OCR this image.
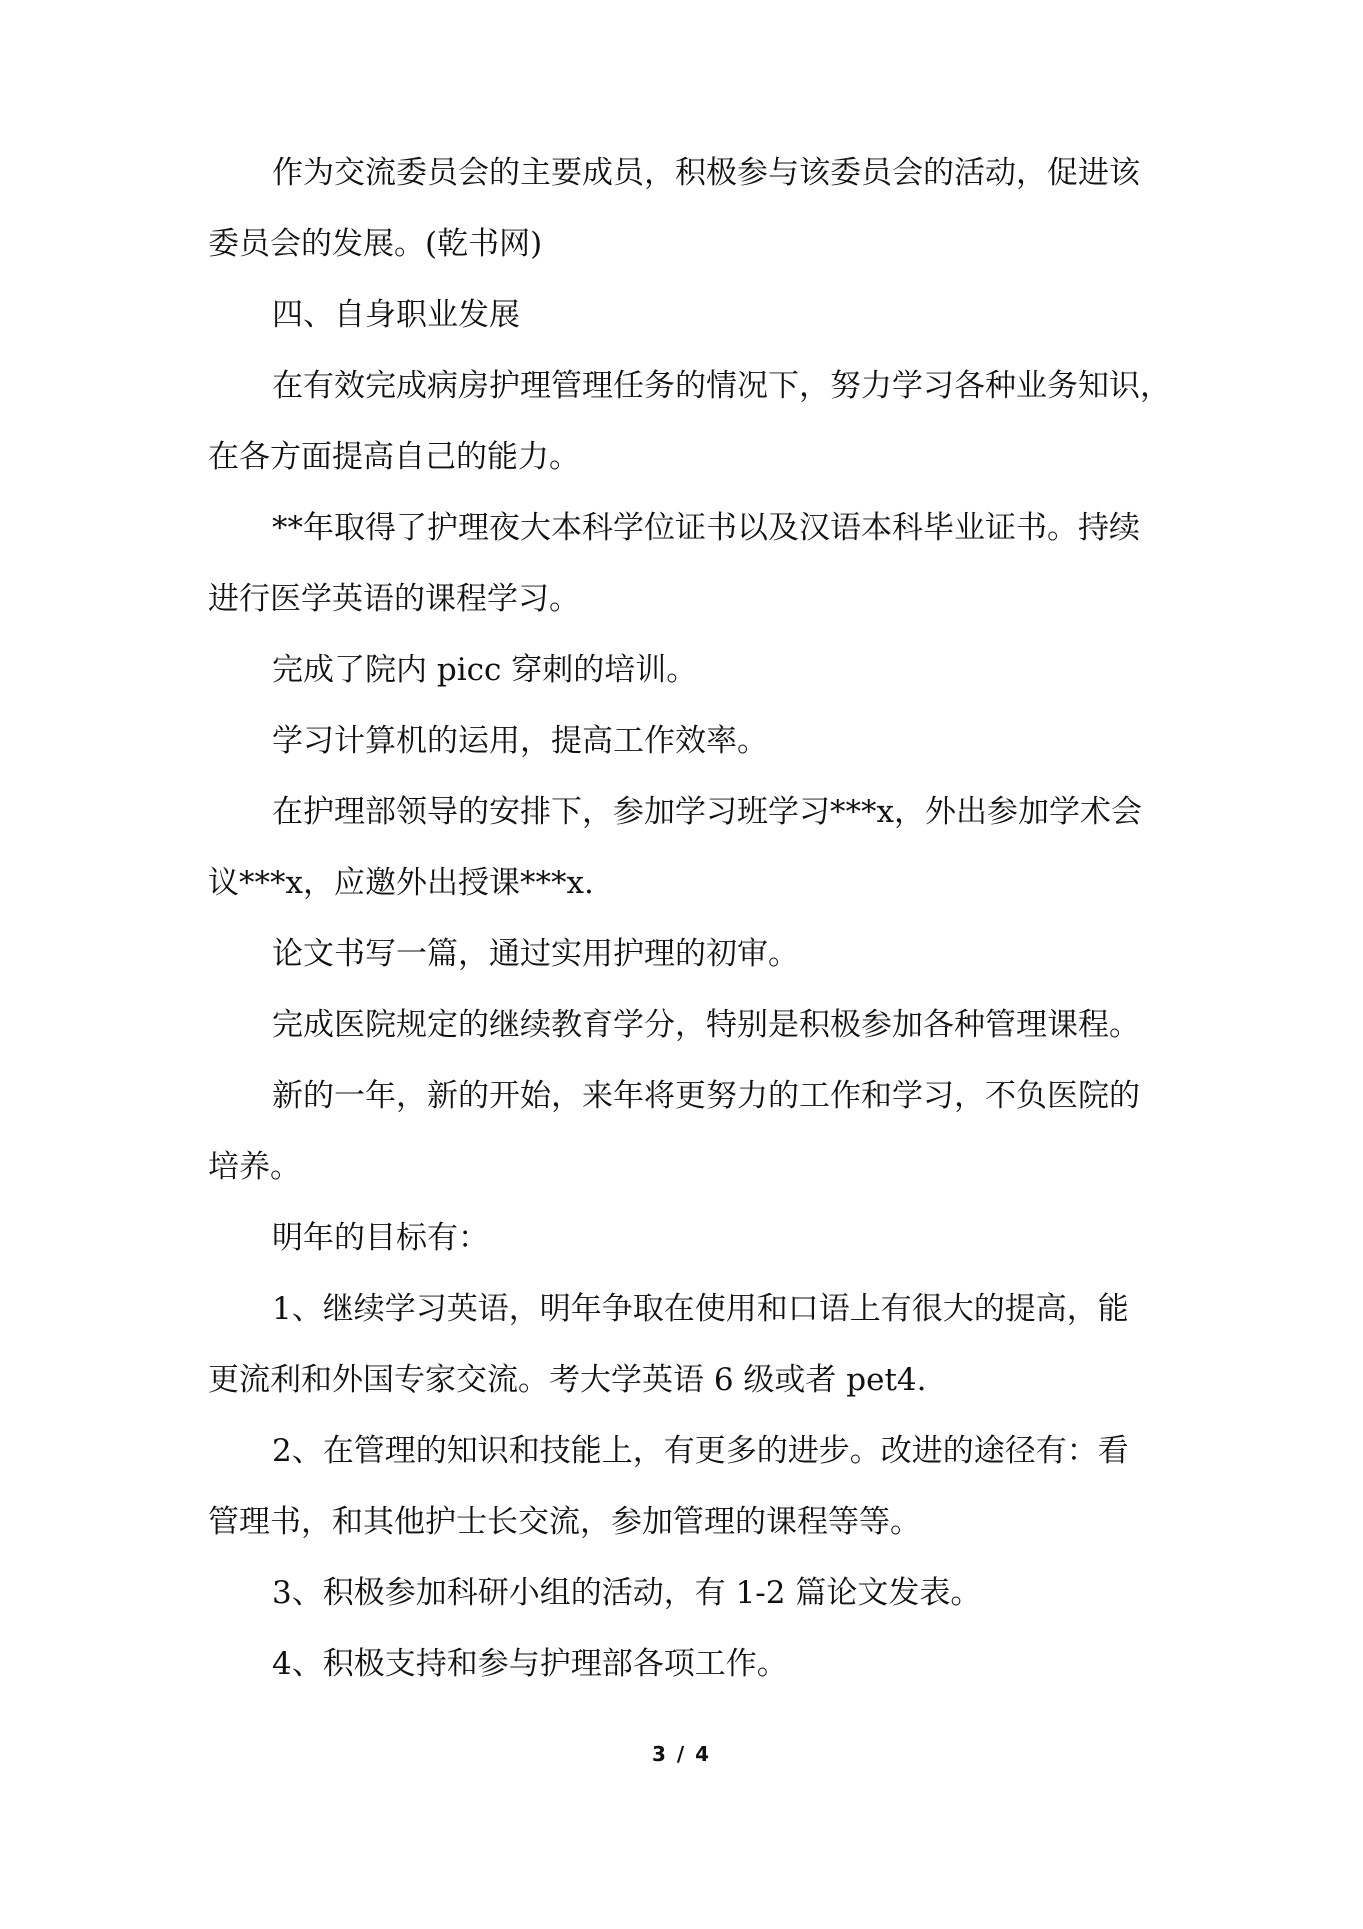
作为交流委员会的主要成员，积极参与该委员会的活动，促进该
委员会的发展。(乾书网)

四、自身职业发展

在有效完成病房护理管理任务的情况下，努力学习各种业务知识，
在各方面提高自己的能力。

**年取得了护理夜大本科学位证书以及汉语本科毕业证书。持续
进行医学英语的课程学习。

完成了院内 picc 穿刺的培训。

学习计算机的运用，提高工作效率。

在护理部领导的安排下，参加学习班学习***x，外出参加学术会
议***x，应邀外出授课***x.

论文书写一篇，通过实用护理的初审。

完成医院规定的继续教育学分，特别是积极参加各种管理课程。

新的一年，新的开始，来年将更努力的工作和学习，不负医院的
培养。

明年的目标有：

1、继续学习英语，明年争取在使用和口语上有很大的提高，能
更流利和外国专家交流。考大学英语 6 级或者 pet4.

2、在管理的知识和技能上，有更多的进步。改进的途径有：看
管理书，和其他护士长交流，参加管理的课程等等。

3、积极参加科研小组的活动，有 1-2 篇论文发表。

4、积极支持和参与护理部各项工作。

3 / 4
